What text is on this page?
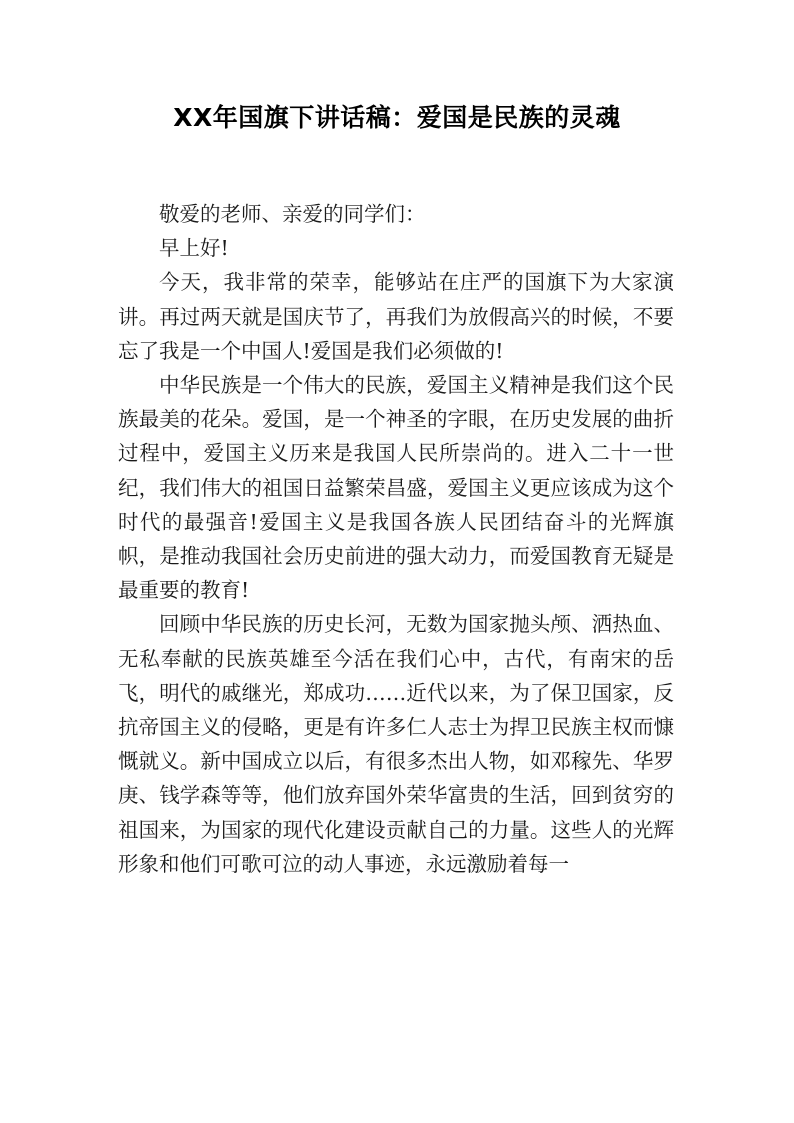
XX年国旗下讲话稿：爱国是民族的灵魂

敬爱的老师、亲爱的同学们：

早上好!

今天，我非常的荣幸，能够站在庄严的国旗下为大家演讲。再过两天就是国庆节了，再我们为放假高兴的时候，不要忘了我是一个中国人!爱国是我们必须做的!

中华民族是一个伟大的民族，爱国主义精神是我们这个民族最美的花朵。爱国，是一个神圣的字眼，在历史发展的曲折过程中，爱国主义历来是我国人民所崇尚的。进入二十一世纪，我们伟大的祖国日益繁荣昌盛，爱国主义更应该成为这个时代的最强音!爱国主义是我国各族人民团结奋斗的光辉旗帜，是推动我国社会历史前进的强大动力，而爱国教育无疑是最重要的教育!

回顾中华民族的历史长河，无数为国家抛头颅、洒热血、无私奉献的民族英雄至今活在我们心中，古代，有南宋的岳飞，明代的戚继光，郑成功……近代以来，为了保卫国家，反抗帝国主义的侵略，更是有许多仁人志士为捍卫民族主权而慷慨就义。新中国成立以后，有很多杰出人物，如邓稼先、华罗庚、钱学森等等，他们放弃国外荣华富贵的生活，回到贫穷的祖国来，为国家的现代化建设贡献自己的力量。这些人的光辉形象和他们可歌可泣的动人事迹，永远激励着每一
